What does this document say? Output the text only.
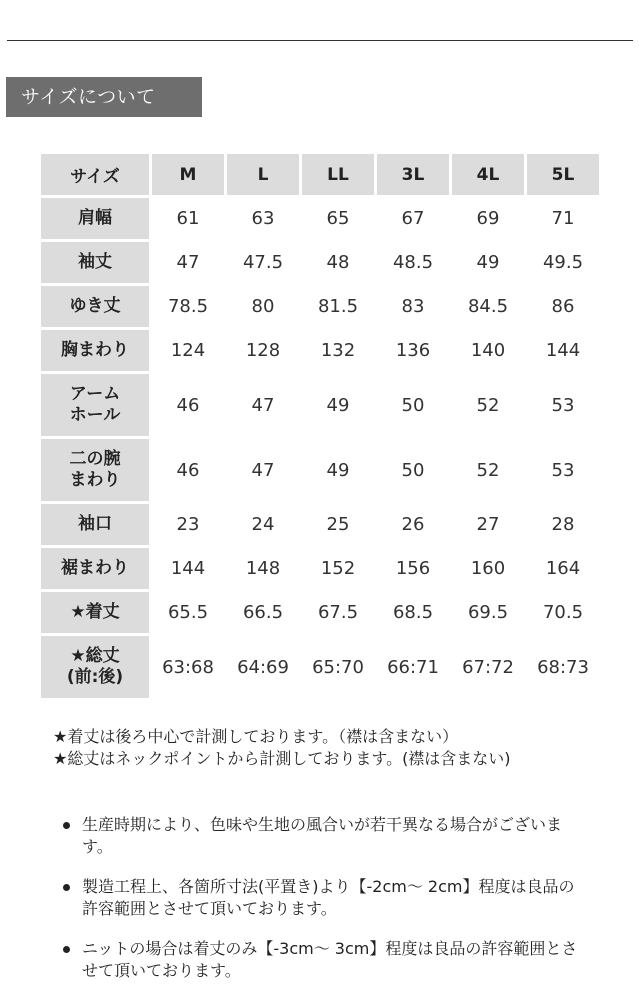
サイズについて
サイズ	M	L	LL	3L	4L	5L
肩幅	61	63	65	67	69	71
袖丈	47	47.5	48	48.5	49	49.5
ゆき丈	78.5	80	81.5	83	84.5	86
胸まわり	124	128	132	136	140	144
アーム
ホール	46	47	49	50	52	53
二の腕
まわり	46	47	49	50	52	53
袖口	23	24	25	26	27	28
裾まわり	144	148	152	156	160	164
★着丈	65.5	66.5	67.5	68.5	69.5	70.5
★総丈
(前:後)	63:68	64:69	65:70	66:71	67:72	68:73

★着丈は後ろ中心で計測しております。（襟は含まない）

★総丈はネックポイントから計測しております。(襟は含まない)

生産時期により、色味や生地の風合いが若干異なる場合がございます。
製造工程上、各箇所寸法(平置き)より【-2cm～ 2cm】程度は良品の許容範囲とさせて頂いております。
ニットの場合は着丈のみ【-3cm～ 3cm】程度は良品の許容範囲とさせて頂いております。
